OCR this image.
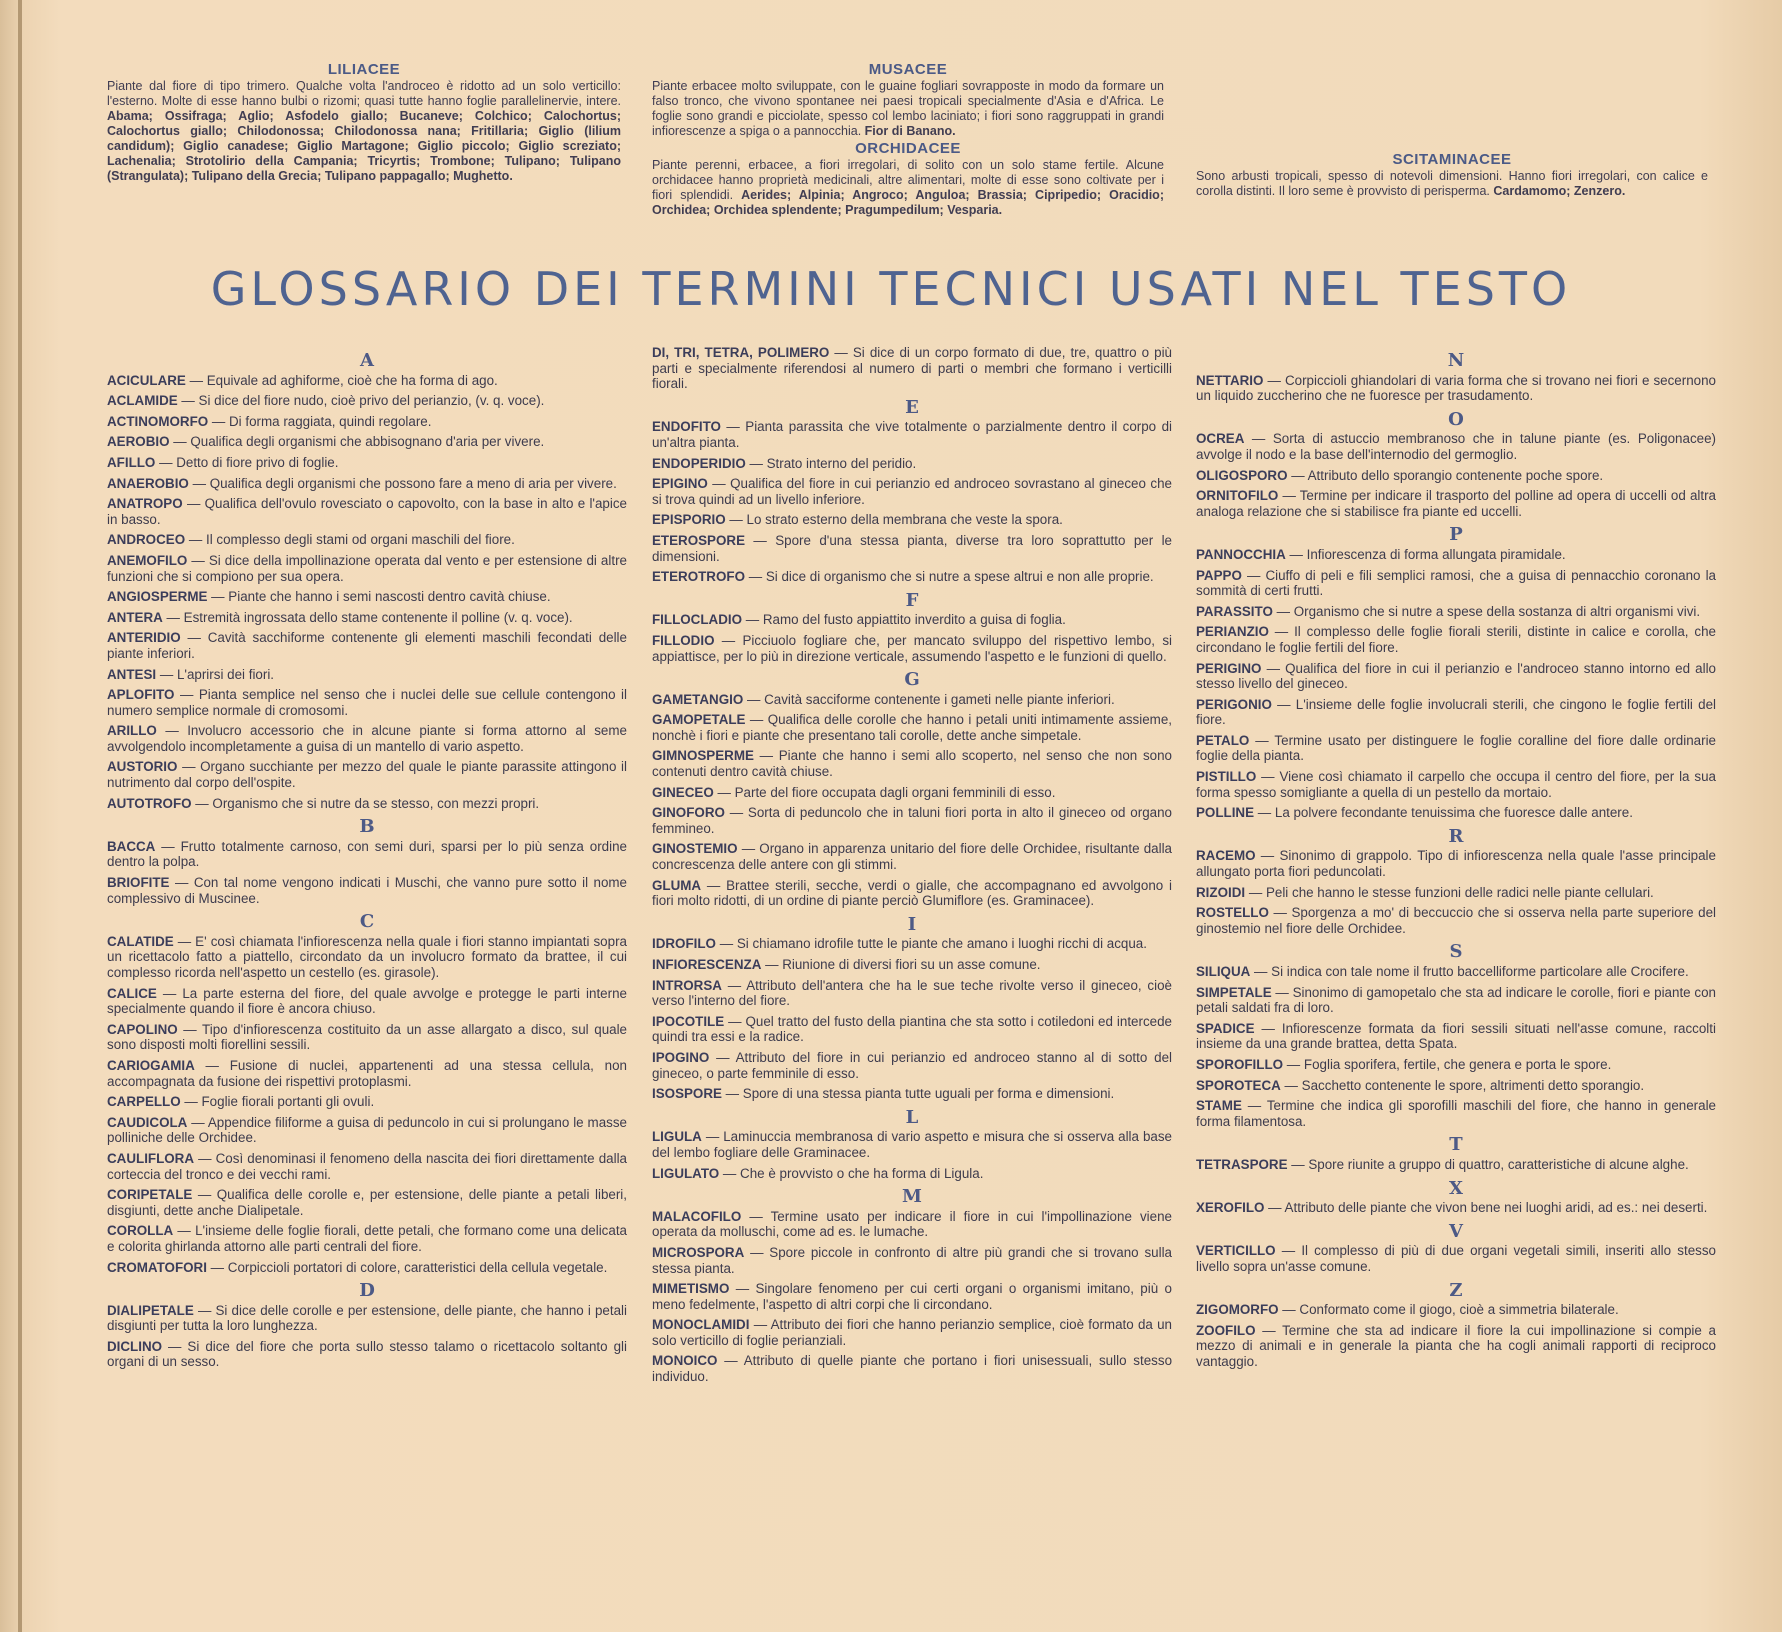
LILIACEE
Piante dal fiore di tipo trimero. Qualche volta l'androceo è ridotto ad un solo verticillo: l'esterno. Molte di esse hanno bulbi o rizomi; quasi tutte hanno foglie parallelinervie, intere. Abama; Ossifraga; Aglio; Asfodelo giallo; Bucaneve; Colchico; Calochortus; Calochortus giallo; Chilodonossa; Chilodonossa nana; Fritillaria; Giglio (lilium candidum); Giglio canadese; Giglio Martagone; Giglio piccolo; Giglio screziato; Lachenalia; Strotolirio della Campania; Tricyrtis; Trombone; Tulipano; Tulipano (Strangulata); Tulipano della Grecia; Tulipano pappagallo; Mughetto.
MUSACEE
Piante erbacee molto sviluppate, con le guaine fogliari sovrapposte in modo da formare un falso tronco, che vivono spontanee nei paesi tropicali specialmente d'Asia e d'Africa. Le foglie sono grandi e picciolate, spesso col lembo laciniato; i fiori sono raggruppati in grandi infiorescenze a spiga o a pannocchia. Fior di Banano.
ORCHIDACEE
Piante perenni, erbacee, a fiori irregolari, di solito con un solo stame fertile. Alcune orchidacee hanno proprietà medicinali, altre alimentari, molte di esse sono coltivate per i fiori splendidi. Aerides; Alpinia; Angroco; Anguloa; Brassia; Cipripedio; Oracidio; Orchidea; Orchidea splendente; Pragumpedilum; Vesparia.
SCITAMINACEE
Sono arbusti tropicali, spesso di notevoli dimensioni. Hanno fiori irregolari, con calice e corolla distinti. Il loro seme è provvisto di perisperma. Cardamomo; Zenzero.
GLOSSARIO DEI TERMINI TECNICI USATI NEL TESTO
A
ACICULARE — Equivale ad aghiforme, cioè che ha forma di ago.
ACLAMIDE — Si dice del fiore nudo, cioè privo del perianzio, (v. q. voce).
ACTINOMORFO — Di forma raggiata, quindi regolare.
AEROBIO — Qualifica degli organismi che abbisognano d'aria per vivere.
AFILLO — Detto di fiore privo di foglie.
ANAEROBIO — Qualifica degli organismi che possono fare a meno di aria per vivere.
ANATROPO — Qualifica dell'ovulo rovesciato o capovolto, con la base in alto e l'apice in basso.
ANDROCEO — Il complesso degli stami od organi maschili del fiore.
ANEMOFILO — Si dice della impollinazione operata dal vento e per estensione di altre funzioni che si compiono per sua opera.
ANGIOSPERME — Piante che hanno i semi nascosti dentro cavità chiuse.
ANTERA — Estremità ingrossata dello stame contenente il polline (v. q. voce).
ANTERIDIO — Cavità sacchiforme contenente gli elementi maschili fecondati delle piante inferiori.
ANTESI — L'aprirsi dei fiori.
APLOFITO — Pianta semplice nel senso che i nuclei delle sue cellule contengono il numero semplice normale di cromosomi.
ARILLO — Involucro accessorio che in alcune piante si forma attorno al seme avvolgendolo incompletamente a guisa di un mantello di vario aspetto.
AUSTORIO — Organo succhiante per mezzo del quale le piante parassite attingono il nutrimento dal corpo dell'ospite.
AUTOTROFO — Organismo che si nutre da se stesso, con mezzi propri.
B
BACCA — Frutto totalmente carnoso, con semi duri, sparsi per lo più senza ordine dentro la polpa.
BRIOFITE — Con tal nome vengono indicati i Muschi, che vanno pure sotto il nome complessivo di Muscinee.
C
CALATIDE — E' così chiamata l'infiorescenza nella quale i fiori stanno impiantati sopra un ricettacolo fatto a piattello, circondato da un involucro formato da brattee, il cui complesso ricorda nell'aspetto un cestello (es. girasole).
CALICE — La parte esterna del fiore, del quale avvolge e protegge le parti interne specialmente quando il fiore è ancora chiuso.
CAPOLINO — Tipo d'infiorescenza costituito da un asse allargato a disco, sul quale sono disposti molti fiorellini sessili.
CARIOGAMIA — Fusione di nuclei, appartenenti ad una stessa cellula, non accompagnata da fusione dei rispettivi protoplasmi.
CARPELLO — Foglie fiorali portanti gli ovuli.
CAUDICOLA — Appendice filiforme a guisa di peduncolo in cui si prolungano le masse polliniche delle Orchidee.
CAULIFLORA — Così denominasi il fenomeno della nascita dei fiori direttamente dalla corteccia del tronco e dei vecchi rami.
CORIPETALE — Qualifica delle corolle e, per estensione, delle piante a petali liberi, disgiunti, dette anche Dialipetale.
COROLLA — L'insieme delle foglie fiorali, dette petali, che formano come una delicata e colorita ghirlanda attorno alle parti centrali del fiore.
CROMATOFORI — Corpiccioli portatori di colore, caratteristici della cellula vegetale.
D
DIALIPETALE — Si dice delle corolle e per estensione, delle piante, che hanno i petali disgiunti per tutta la loro lunghezza.
DICLINO — Si dice del fiore che porta sullo stesso talamo o ricettacolo soltanto gli organi di un sesso.
DI, TRI, TETRA, POLIMERO — Si dice di un corpo formato di due, tre, quattro o più parti e specialmente riferendosi al numero di parti o membri che formano i verticilli fiorali.
E
ENDOFITO — Pianta parassita che vive totalmente o parzialmente dentro il corpo di un'altra pianta.
ENDOPERIDIO — Strato interno del peridio.
EPIGINO — Qualifica del fiore in cui perianzio ed androceo sovrastano al gineceo che si trova quindi ad un livello inferiore.
EPISPORIO — Lo strato esterno della membrana che veste la spora.
ETEROSPORE — Spore d'una stessa pianta, diverse tra loro soprattutto per le dimensioni.
ETEROTROFO — Si dice di organismo che si nutre a spese altrui e non alle proprie.
F
FILLOCLADIO — Ramo del fusto appiattito inverdito a guisa di foglia.
FILLODIO — Picciuolo fogliare che, per mancato sviluppo del rispettivo lembo, si appiattisce, per lo più in direzione verticale, assumendo l'aspetto e le funzioni di quello.
G
GAMETANGIO — Cavità sacciforme contenente i gameti nelle piante inferiori.
GAMOPETALE — Qualifica delle corolle che hanno i petali uniti intimamente assieme, nonchè i fiori e piante che presentano tali corolle, dette anche simpetale.
GIMNOSPERME — Piante che hanno i semi allo scoperto, nel senso che non sono contenuti dentro cavità chiuse.
GINECEO — Parte del fiore occupata dagli organi femminili di esso.
GINOFORO — Sorta di peduncolo che in taluni fiori porta in alto il gineceo od organo femmineo.
GINOSTEMIO — Organo in apparenza unitario del fiore delle Orchidee, risultante dalla concrescenza delle antere con gli stimmi.
GLUMA — Brattee sterili, secche, verdi o gialle, che accompagnano ed avvolgono i fiori molto ridotti, di un ordine di piante perciò Glumiflore (es. Graminacee).
I
IDROFILO — Si chiamano idrofile tutte le piante che amano i luoghi ricchi di acqua.
INFIORESCENZA — Riunione di diversi fiori su un asse comune.
INTRORSA — Attributo dell'antera che ha le sue teche rivolte verso il gineceo, cioè verso l'interno del fiore.
IPOCOTILE — Quel tratto del fusto della piantina che sta sotto i cotiledoni ed intercede quindi tra essi e la radice.
IPOGINO — Attributo del fiore in cui perianzio ed androceo stanno al di sotto del gineceo, o parte femminile di esso.
ISOSPORE — Spore di una stessa pianta tutte uguali per forma e dimensioni.
L
LIGULA — Laminuccia membranosa di vario aspetto e misura che si osserva alla base del lembo fogliare delle Graminacee.
LIGULATO — Che è provvisto o che ha forma di Ligula.
M
MALACOFILO — Termine usato per indicare il fiore in cui l'impollinazione viene operata da molluschi, come ad es. le lumache.
MICROSPORA — Spore piccole in confronto di altre più grandi che si trovano sulla stessa pianta.
MIMETISMO — Singolare fenomeno per cui certi organi o organismi imitano, più o meno fedelmente, l'aspetto di altri corpi che li circondano.
MONOCLAMIDI — Attributo dei fiori che hanno perianzio semplice, cioè formato da un solo verticillo di foglie perianziali.
MONOICO — Attributo di quelle piante che portano i fiori unisessuali, sullo stesso individuo.
N
NETTARIO — Corpiccioli ghiandolari di varia forma che si trovano nei fiori e secernono un liquido zuccherino che ne fuoresce per trasudamento.
O
OCREA — Sorta di astuccio membranoso che in talune piante (es. Poligonacee) avvolge il nodo e la base dell'internodio del germoglio.
OLIGOSPORO — Attributo dello sporangio contenente poche spore.
ORNITOFILO — Termine per indicare il trasporto del polline ad opera di uccelli od altra analoga relazione che si stabilisce fra piante ed uccelli.
P
PANNOCCHIA — Infiorescenza di forma allungata piramidale.
PAPPO — Ciuffo di peli e fili semplici ramosi, che a guisa di pennacchio coronano la sommità di certi frutti.
PARASSITO — Organismo che si nutre a spese della sostanza di altri organismi vivi.
PERIANZIO — Il complesso delle foglie fiorali sterili, distinte in calice e corolla, che circondano le foglie fertili del fiore.
PERIGINO — Qualifica del fiore in cui il perianzio e l'androceo stanno intorno ed allo stesso livello del gineceo.
PERIGONIO — L'insieme delle foglie involucrali sterili, che cingono le foglie fertili del fiore.
PETALO — Termine usato per distinguere le foglie coralline del fiore dalle ordinarie foglie della pianta.
PISTILLO — Viene così chiamato il carpello che occupa il centro del fiore, per la sua forma spesso somigliante a quella di un pestello da mortaio.
POLLINE — La polvere fecondante tenuissima che fuoresce dalle antere.
R
RACEMO — Sinonimo di grappolo. Tipo di infiorescenza nella quale l'asse principale allungato porta fiori peduncolati.
RIZOIDI — Peli che hanno le stesse funzioni delle radici nelle piante cellulari.
ROSTELLO — Sporgenza a mo' di beccuccio che si osserva nella parte superiore del ginostemio nel fiore delle Orchidee.
S
SILIQUA — Si indica con tale nome il frutto baccelliforme particolare alle Crocifere.
SIMPETALE — Sinonimo di gamopetalo che sta ad indicare le corolle, fiori e piante con petali saldati fra di loro.
SPADICE — Infiorescenze formata da fiori sessili situati nell'asse comune, raccolti insieme da una grande brattea, detta Spata.
SPOROFILLO — Foglia sporifera, fertile, che genera e porta le spore.
SPOROTECA — Sacchetto contenente le spore, altrimenti detto sporangio.
STAME — Termine che indica gli sporofilli maschili del fiore, che hanno in generale forma filamentosa.
T
TETRASPORE — Spore riunite a gruppo di quattro, caratteristiche di alcune alghe.
X
XEROFILO — Attributo delle piante che vivon bene nei luoghi aridi, ad es.: nei deserti.
V
VERTICILLO — Il complesso di più di due organi vegetali simili, inseriti allo stesso livello sopra un'asse comune.
Z
ZIGOMORFO — Conformato come il giogo, cioè a simmetria bilaterale.
ZOOFILO — Termine che sta ad indicare il fiore la cui impollinazione si compie a mezzo di animali e in generale la pianta che ha cogli animali rapporti di reciproco vantaggio.
